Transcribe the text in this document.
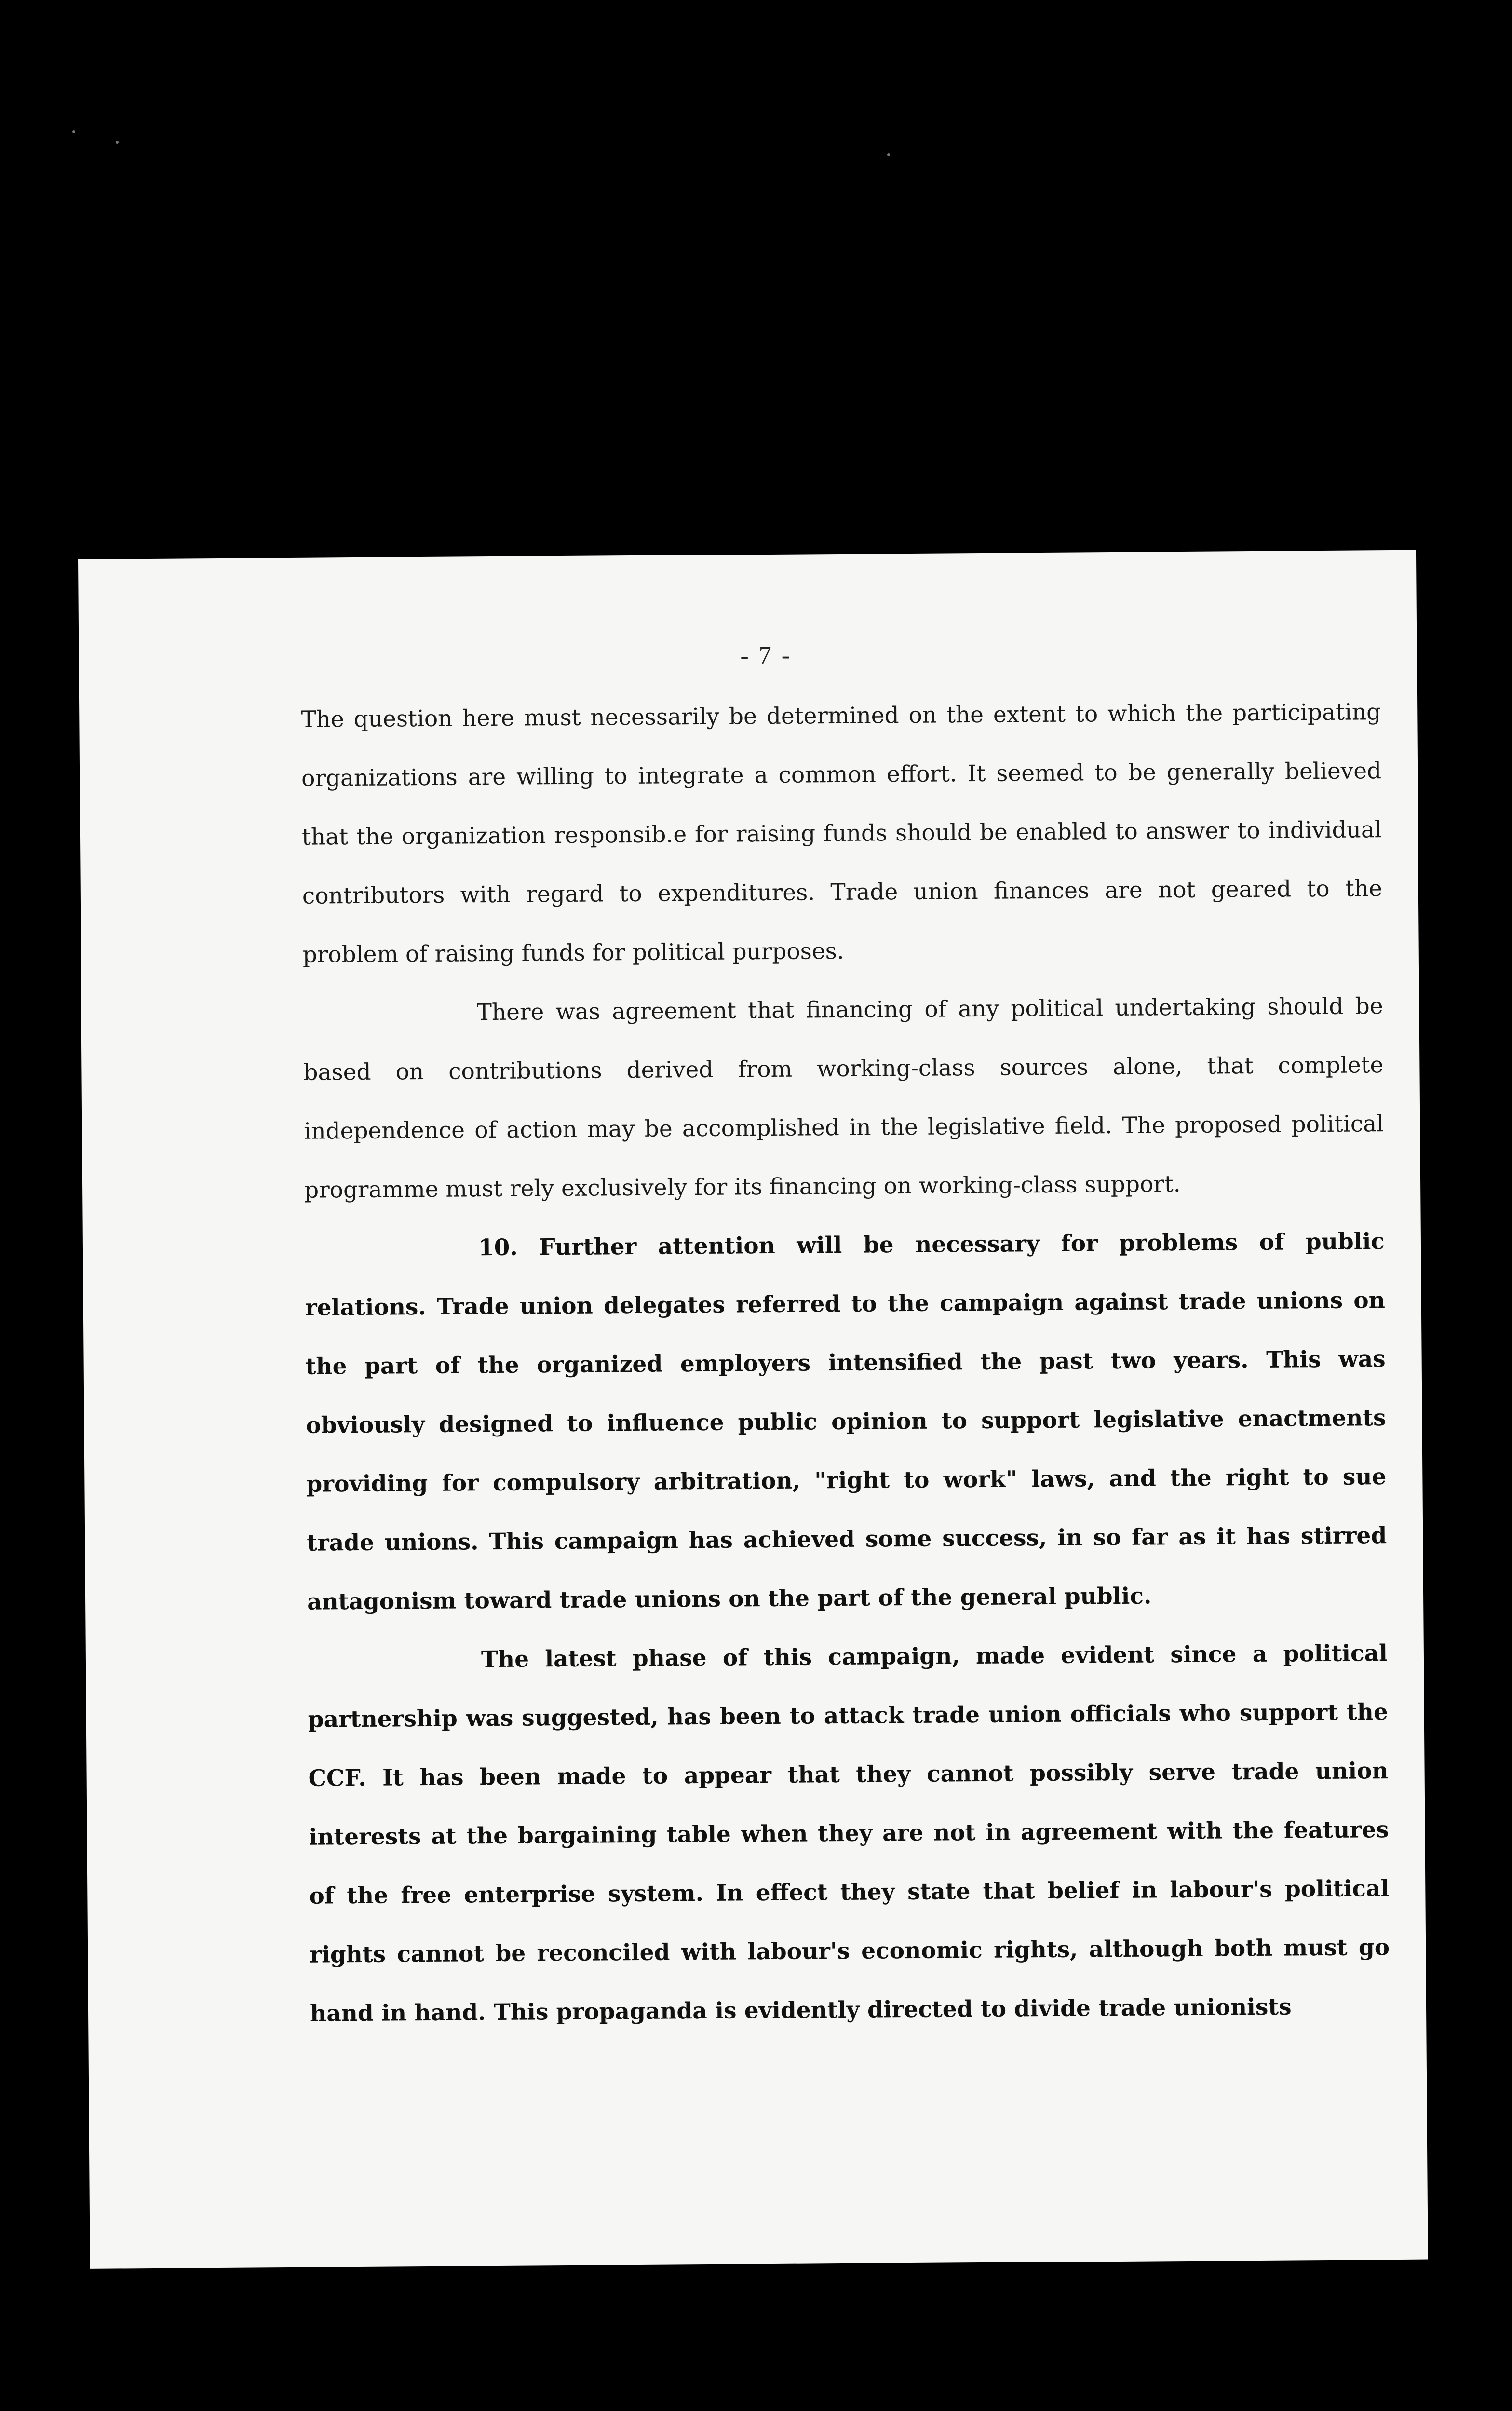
- 7 -

The question here must necessarily be determined on the extent to which the participating organizations are willing to integrate a common effort. It seemed to be generally believed that the organization responsib.e for raising funds should be enabled to answer to individual contributors with regard to expenditures. Trade union finances are not geared to the problem of raising funds for political purposes.

There was agreement that financing of any political undertaking should be based on contributions derived from working-class sources alone, that complete independence of action may be accomplished in the legislative field. The proposed political programme must rely exclusively for its financing on working-class support.

10. Further attention will be necessary for problems of public relations. Trade union delegates referred to the campaign against trade unions on the part of the organized employers intensified the past two years. This was obviously designed to influence public opinion to support legislative enactments providing for compulsory arbitration, "right to work" laws, and the right to sue trade unions. This campaign has achieved some success, in so far as it has stirred antagonism toward trade unions on the part of the general public.

The latest phase of this campaign, made evident since a political partnership was suggested, has been to attack trade union officials who support the CCF. It has been made to appear that they cannot possibly serve trade union interests at the bargaining table when they are not in agreement with the features of the free enterprise system. In effect they state that belief in labour's political rights cannot be reconciled with labour's economic rights, although both must go hand in hand. This propaganda is evidently directed to divide trade unionists
